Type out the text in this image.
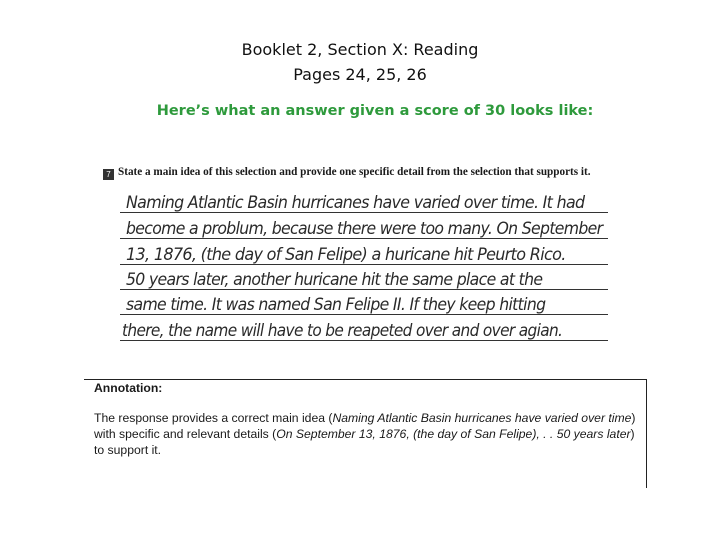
Booklet 2, Section X: Reading
Pages 24, 25, 26
Here’s what an answer given a score of 30 looks like:
7 State a main idea of this selection and provide one specific detail from the selection that supports it.
Naming Atlantic Basin hurricanes have varied over time. It had
become a problum, because there were too many. On September
13, 1876, (the day of San Felipe) a huricane hit Peurto Rico.
50 years later, another huricane hit the same place at the
same time. It was named San Felipe II. If they keep hitting
there, the name will have to be reapeted over and over agian.
Annotation:
The response provides a correct main idea (Naming Atlantic Basin hurricanes have varied over time) with specific and relevant details (On September 13, 1876, (the day of San Felipe), . . 50 years later) to support it.
